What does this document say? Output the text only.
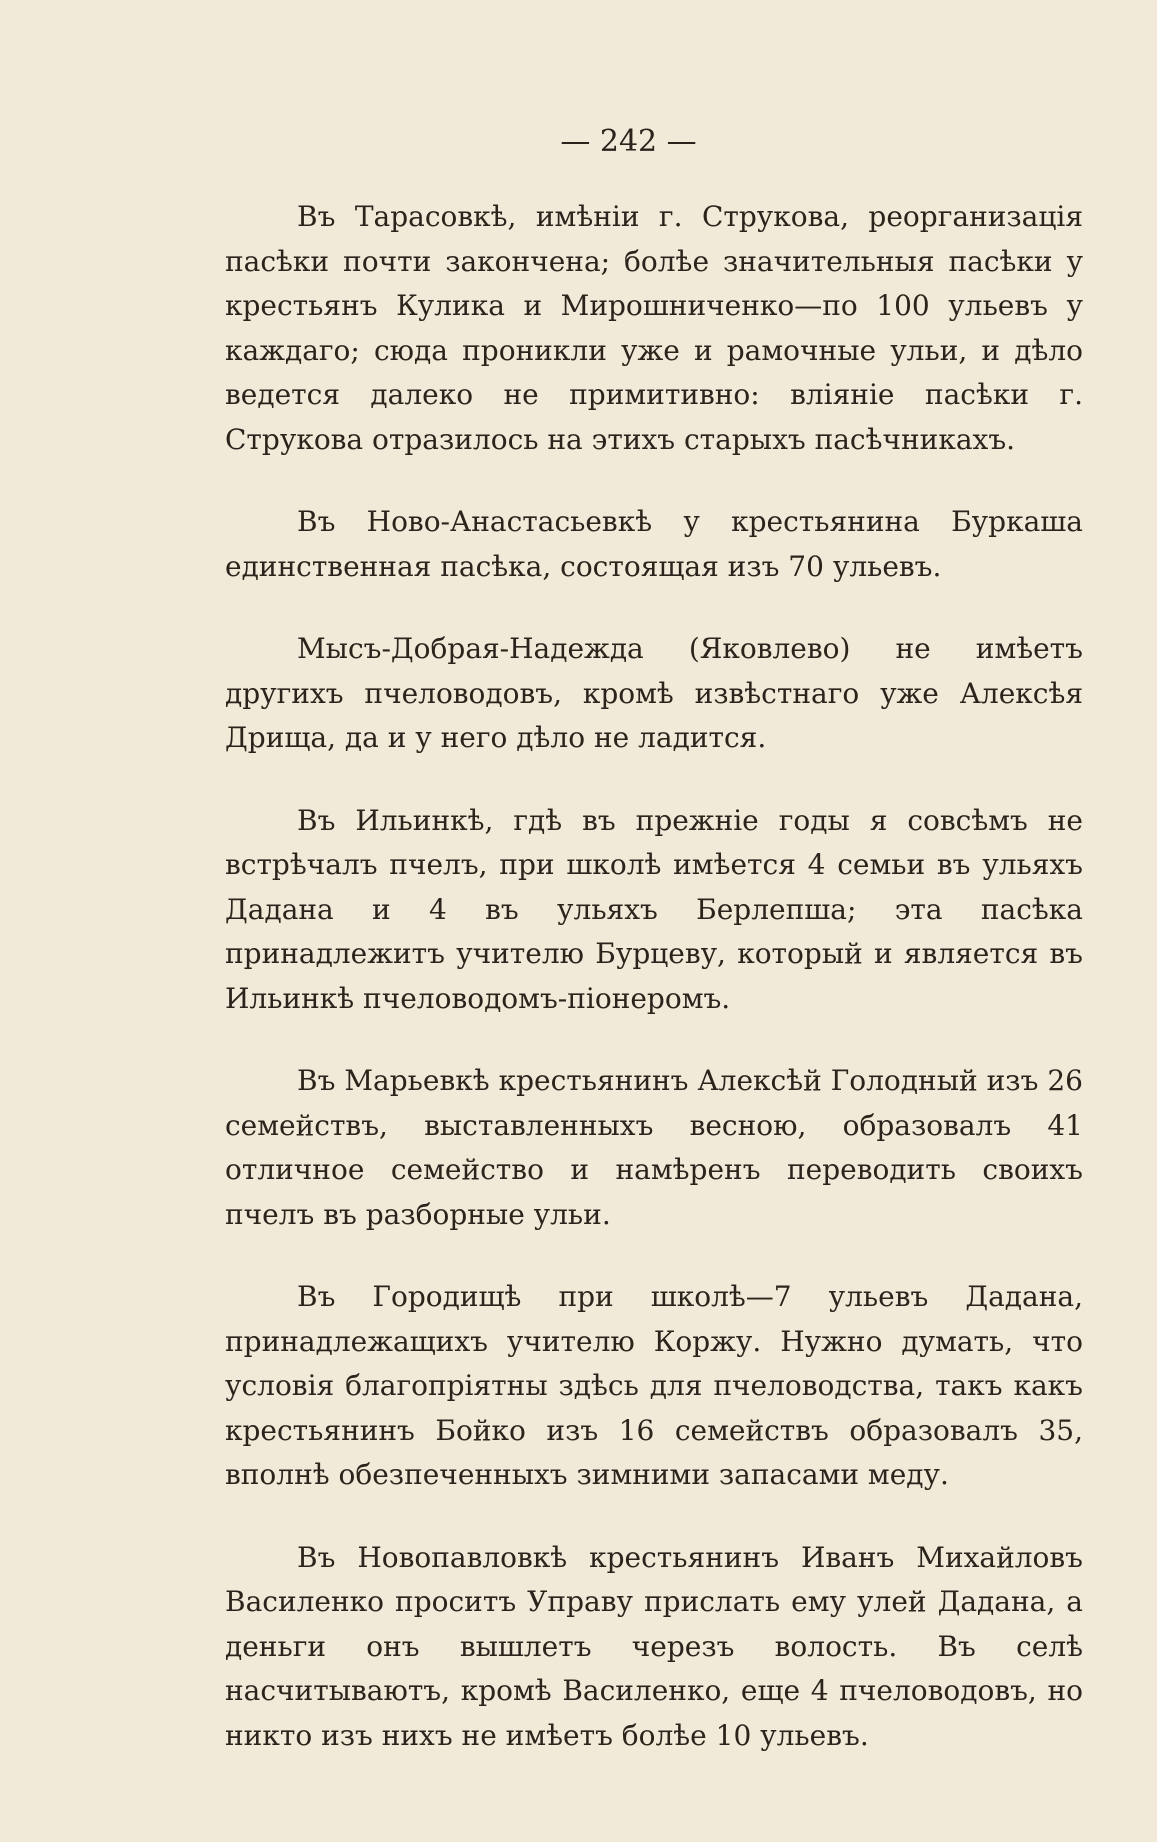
— 242 —

Въ Тарасовкѣ, имѣніи г. Струкова, реорганизація пасѣки почти закончена; болѣе значительныя пасѣки у крестьянъ Кулика и Мирошниченко—по 100 ульевъ у каждаго; сюда проникли уже и рамочные ульи, и дѣло ведется далеко не примитивно: вліяніе пасѣки г. Струкова отразилось на этихъ старыхъ пасѣчникахъ.

Въ Ново-Анастасьевкѣ у крестьянина Буркаша единственная пасѣка, состоящая изъ 70 ульевъ.

Мысъ-Добрая-Надежда (Яковлево) не имѣетъ другихъ пчеловодовъ, кромѣ извѣстнаго уже Алексѣя Дрища, да и у него дѣло не ладится.

Въ Ильинкѣ, гдѣ въ прежніе годы я совсѣмъ не встрѣчалъ пчелъ, при школѣ имѣется 4 семьи въ ульяхъ Дадана и 4 въ ульяхъ Берлепша; эта пасѣка принадлежитъ учителю Бурцеву, который и является въ Ильинкѣ пчеловодомъ-піонеромъ.

Въ Марьевкѣ крестьянинъ Алексѣй Голодный изъ 26 семействъ, выставленныхъ весною, образовалъ 41 отличное семейство и намѣренъ переводить своихъ пчелъ въ разборные ульи.

Въ Городищѣ при школѣ—7 ульевъ Дадана, принадлежащихъ учителю Коржу. Нужно думать, что условія благопріятны здѣсь для пчеловодства, такъ какъ крестьянинъ Бойко изъ 16 семействъ образовалъ 35, вполнѣ обезпеченныхъ зимними запасами меду.

Въ Новопавловкѣ крестьянинъ Иванъ Михайловъ Василенко проситъ Управу прислать ему улей Дадана, а деньги онъ вышлетъ черезъ волость. Въ селѣ насчитываютъ, кромѣ Василенко, еще 4 пчеловодовъ, но никто изъ нихъ не имѣетъ болѣе 10 ульевъ.
